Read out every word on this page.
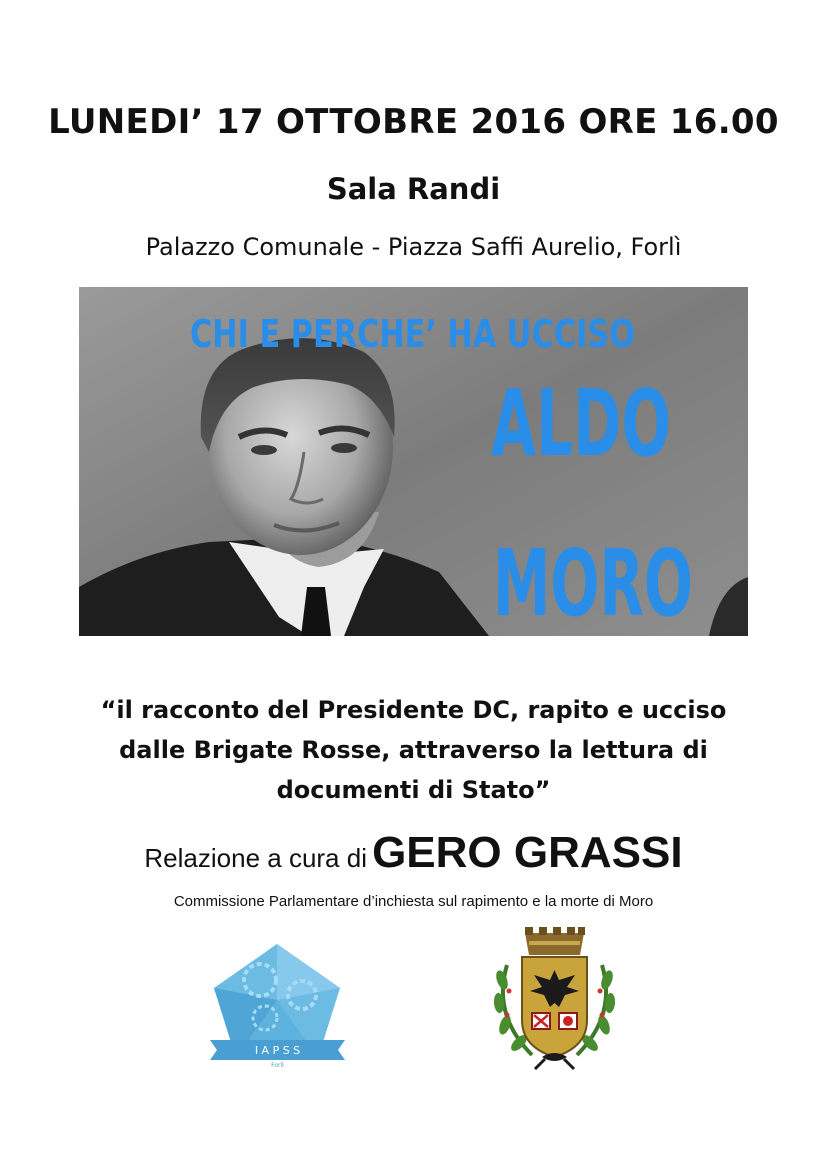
LUNEDI’ 17 OTTOBRE 2016 ORE 16.00
Sala Randi
Palazzo Comunale - Piazza Saffi Aurelio, Forlì
CHI E PERCHE’ HA UCCISO
ALDO
MORO
“il racconto del Presidente DC, rapito e ucciso
dalle Brigate Rosse, attraverso la lettura di
documenti di Stato”
Relazione a cura di GERO GRASSI
Commissione Parlamentare d’inchiesta sul rapimento e la morte di Moro
I A P S S
Forlì
